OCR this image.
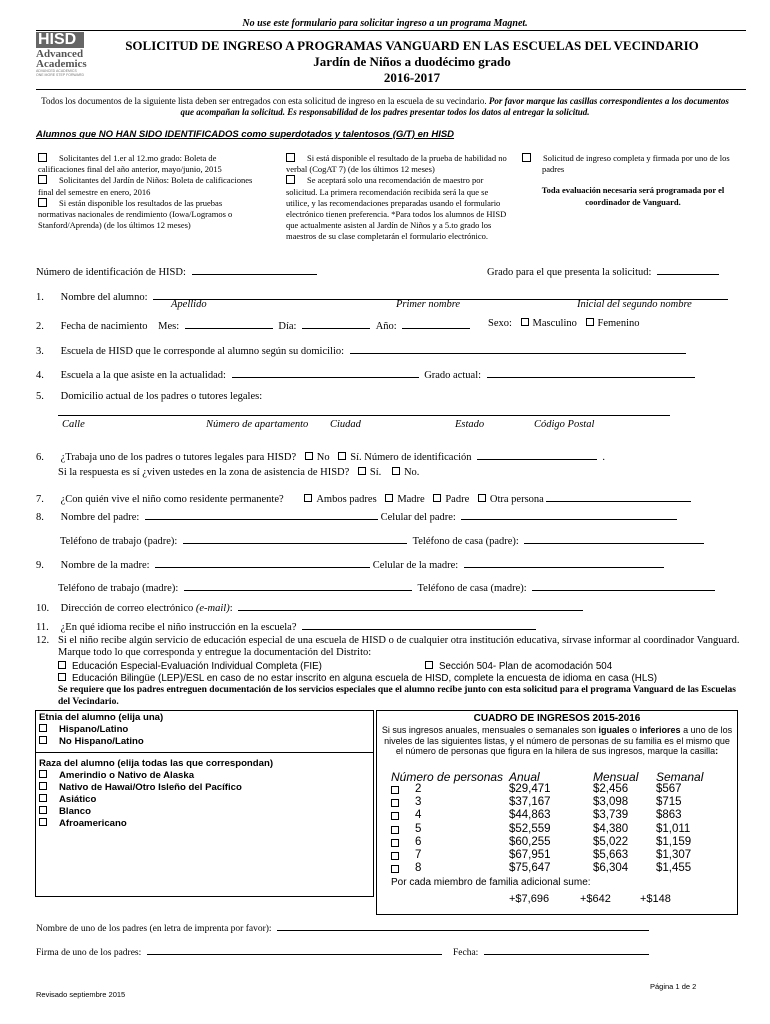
No use este formulario para solicitar ingreso a un programa Magnet.
HISD
Advanced
Academics
ADVANCED ACADEMICS
ONE MORE STEP FORWARD
SOLICITUD DE INGRESO A PROGRAMAS VANGUARD EN LAS ESCUELAS DEL VECINDARIO
Jardín de Niños a duodécimo grado
2016-2017
Todos los documentos de la siguiente lista deben ser entregados con esta solicitud de ingreso en la escuela de su vecindario. Por favor marque las casillas correspondientes a los documentos que acompañan la solicitud. Es responsabilidad de los padres presentar todos los datos al entregar la solicitud.
Alumnos que NO HAN SIDO IDENTIFICADOS como superdotados y talentosos (G/T) en HISD
Solicitantes del 1.er al 12.mo grado: Boleta de calificaciones final del año anterior, mayo/junio, 2015
Solicitantes del Jardín de Niños: Boleta de calificaciones final del semestre en enero, 2016
Si están disponible los resultados de las pruebas normativas nacionales de rendimiento (Iowa/Logramos o Stanford/Aprenda) (de los últimos 12 meses)
Si está disponible el resultado de la prueba de habilidad no verbal (CogAT 7) (de los últimos 12 meses)
Se aceptará solo una recomendación de maestro por solicitud. La primera recomendación recibida será la que se utilice, y las recomendaciones preparadas usando el formulario electrónico tienen preferencia. *Para todos los alumnos de HISD que actualmente asisten al Jardín de Niños y a 5.to grado los maestros de su clase completarán el formulario electrónico.
Solicitud de ingreso completa y firmada por uno de los padres
Toda evaluación necesaria será programada por el coordinador de Vanguard.
Número de identificación de HISD:	Grado para el que presenta la solicitud:
1. Nombre del alumno:
Apellido	Primer nombre	Inicial del segundo nombre
2. Fecha de nacimiento Mes:	Día:	Año:	Sexo: Masculino Femenino
3. Escuela de HISD que le corresponde al alumno según su domicilio:
4. Escuela a la que asiste en la actualidad:	Grado actual:
5. Domicilio actual de los padres o tutores legales:
Calle	Número de apartamento Ciudad	Estado	Código Postal
6. ¿Trabaja uno de los padres o tutores legales para HISD? No Sí. Número de identificación	.
Si la respuesta es sí ¿viven ustedes en la zona de asistencia de HISD? Sí. No.
7. ¿Con quién vive el niño como residente permanente?	Ambos padres Madre Padre Otra persona
8. Nombre del padre:	Celular del padre:
Teléfono de trabajo (padre):	Teléfono de casa (padre):
9. Nombre de la madre:	Celular de la madre:
Teléfono de trabajo (madre):	Teléfono de casa (madre):
10. Dirección de correo electrónico (e-mail):
11. ¿En qué idioma recibe el niño instrucción en la escuela?
12. Si el niño recibe algún servicio de educación especial de una escuela de HISD o de cualquier otra institución educativa, sírvase informar al coordinador Vanguard.
Marque todo lo que corresponda y entregue la documentación del Distrito:
Educación Especial-Evaluación Individual Completa (FIE)	Sección 504- Plan de acomodación 504
Educación Bilingüe (LEP)/ESL en caso de no estar inscrito en alguna escuela de HISD, complete la encuesta de idioma en casa (HLS)
Se requiere que los padres entreguen documentación de los servicios especiales que el alumno recibe junto con esta solicitud para el programa Vanguard de las Escuelas del Vecindario.
Etnia del alumno (elija una)
Hispano/Latino
No Hispano/Latino
Raza del alumno (elija todas las que correspondan)
Amerindio o Nativo de Alaska
Nativo de Hawai/Otro Isleño del Pacífico
Asiático
Blanco
Afroamericano
CUADRO DE INGRESOS 2015-2016
Si sus ingresos anuales, mensuales o semanales son iguales o inferiores a uno de los niveles de las siguientes listas, y el número de personas de su familia es el mismo que el número de personas que figura en la hilera de sus ingresos, marque la casilla:
Número de personas Anual	Mensual Semanal
2	$29,471	$2,456 $567
3	$37,167	$3,098 $715
4	$44,863	$3,739 $863
5	$52,559	$4,380 $1,011
6	$60,255	$5,022 $1,159
7	$67,951	$5,663 $1,307
8	$75,647	$6,304 $1,455
Por cada miembro de familia adicional sume:
+$7,696	+$642	+$148
Nombre de uno de los padres (en letra de imprenta por favor):
Firma de uno de los padres:	Fecha:
Página 1 de 2
Revisado septiembre 2015
